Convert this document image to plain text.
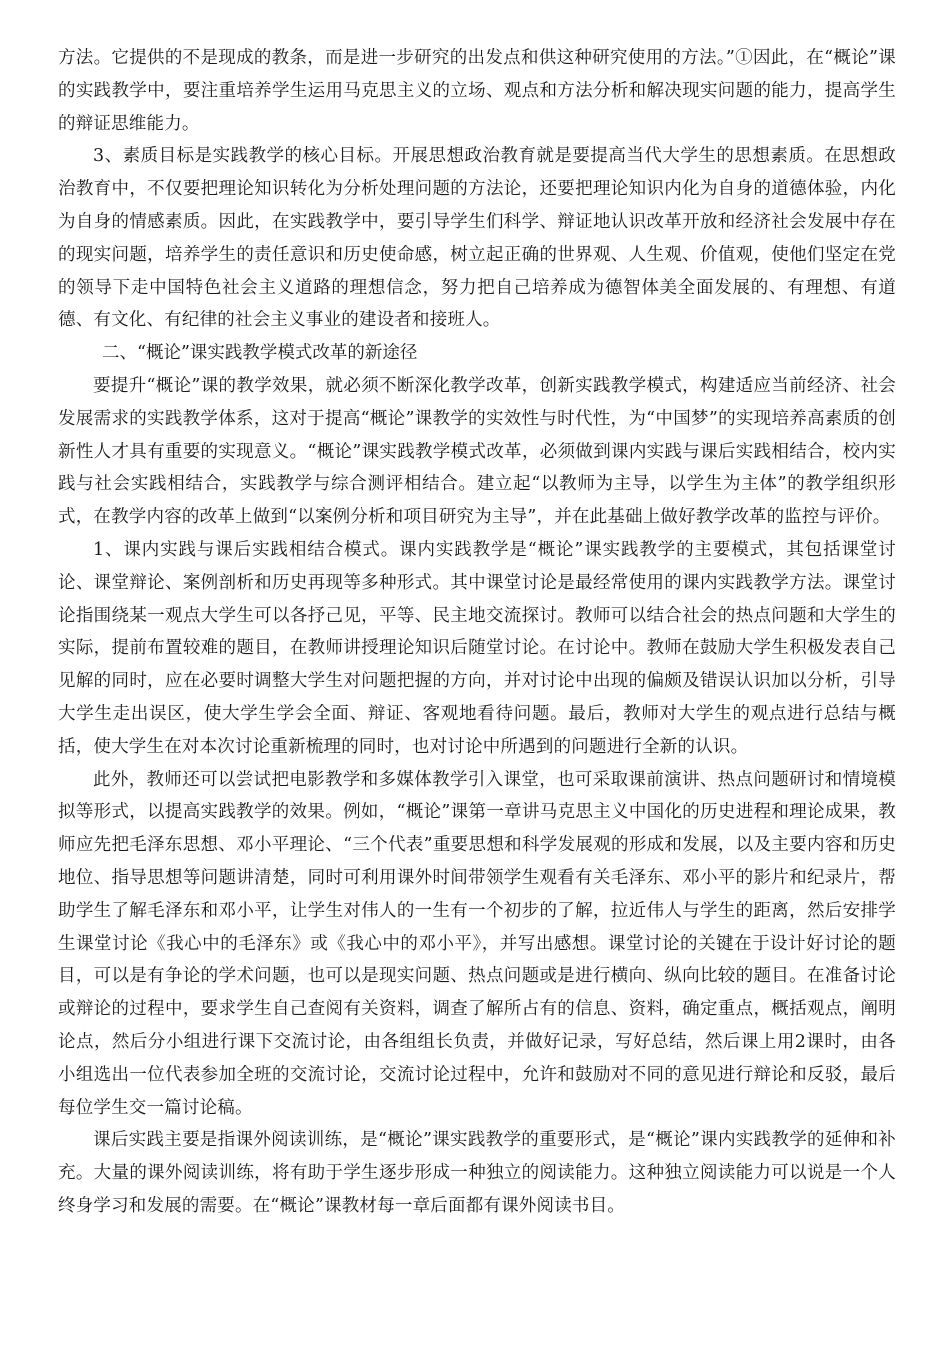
方法。它提供的不是现成的教条，而是进一步研究的出发点和供这种研究使用的方法。”①因此，在“概论”课的实践教学中，要注重培养学生运用马克思主义的立场、观点和方法分析和解决现实问题的能力，提高学生的辩证思维能力。

3、素质目标是实践教学的核心目标。开展思想政治教育就是要提高当代大学生的思想素质。在思想政治教育中，不仅要把理论知识转化为分析处理问题的方法论，还要把理论知识内化为自身的道德体验，内化为自身的情感素质。因此，在实践教学中，要引导学生们科学、辩证地认识改革开放和经济社会发展中存在的现实问题，培养学生的责任意识和历史使命感，树立起正确的世界观、人生观、价值观，使他们坚定在党的领导下走中国特色社会主义道路的理想信念，努力把自己培养成为德智体美全面发展的、有理想、有道德、有文化、有纪律的社会主义事业的建设者和接班人。

二、“概论”课实践教学模式改革的新途径

要提升“概论”课的教学效果，就必须不断深化教学改革，创新实践教学模式，构建适应当前经济、社会发展需求的实践教学体系，这对于提高“概论”课教学的实效性与时代性，为“中国梦”的实现培养高素质的创新性人才具有重要的实现意义。“概论”课实践教学模式改革，必须做到课内实践与课后实践相结合，校内实践与社会实践相结合，实践教学与综合测评相结合。建立起“以教师为主导，以学生为主体”的教学组织形式，在教学内容的改革上做到“以案例分析和项目研究为主导”，并在此基础上做好教学改革的监控与评价。

1、课内实践与课后实践相结合模式。课内实践教学是“概论”课实践教学的主要模式，其包括课堂讨论、课堂辩论、案例剖析和历史再现等多种形式。其中课堂讨论是最经常使用的课内实践教学方法。课堂讨论指围绕某一观点大学生可以各抒己见，平等、民主地交流探讨。教师可以结合社会的热点问题和大学生的实际，提前布置较难的题目，在教师讲授理论知识后随堂讨论。在讨论中。教师在鼓励大学生积极发表自己见解的同时，应在必要时调整大学生对问题把握的方向，并对讨论中出现的偏颇及错误认识加以分析，引导大学生走出误区，使大学生学会全面、辩证、客观地看待问题。最后，教师对大学生的观点进行总结与概括，使大学生在对本次讨论重新梳理的同时，也对讨论中所遇到的问题进行全新的认识。

此外，教师还可以尝试把电影教学和多媒体教学引入课堂，也可采取课前演讲、热点问题研讨和情境模拟等形式，以提高实践教学的效果。例如，“概论”课第一章讲马克思主义中国化的历史进程和理论成果，教师应先把毛泽东思想、邓小平理论、“三个代表”重要思想和科学发展观的形成和发展，以及主要内容和历史地位、指导思想等问题讲清楚，同时可利用课外时间带领学生观看有关毛泽东、邓小平的影片和纪录片，帮助学生了解毛泽东和邓小平，让学生对伟人的一生有一个初步的了解，拉近伟人与学生的距离，然后安排学生课堂讨论《我心中的毛泽东》或《我心中的邓小平》，并写出感想。课堂讨论的关键在于设计好讨论的题目，可以是有争论的学术问题，也可以是现实问题、热点问题或是进行横向、纵向比较的题目。在准备讨论或辩论的过程中，要求学生自己查阅有关资料，调查了解所占有的信息、资料，确定重点，概括观点，阐明论点，然后分小组进行课下交流讨论，由各组组长负责，并做好记录，写好总结，然后课上用2课时，由各小组选出一位代表参加全班的交流讨论，交流讨论过程中，允许和鼓励对不同的意见进行辩论和反驳，最后每位学生交一篇讨论稿。

课后实践主要是指课外阅读训练，是“概论”课实践教学的重要形式，是“概论”课内实践教学的延伸和补充。大量的课外阅读训练，将有助于学生逐步形成一种独立的阅读能力。这种独立阅读能力可以说是一个人终身学习和发展的需要。在“概论”课教材每一章后面都有课外阅读书目。
